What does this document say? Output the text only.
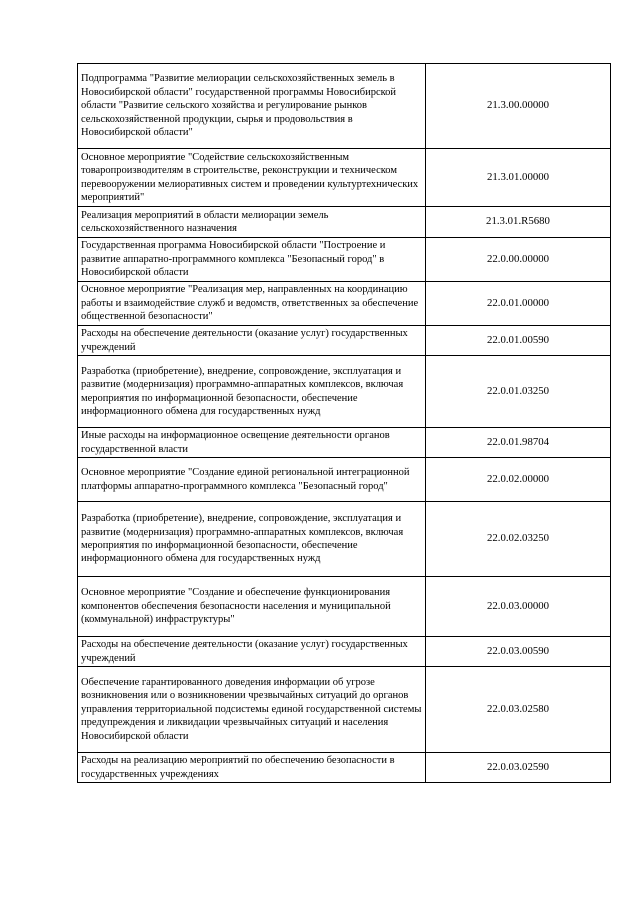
Подпрограмма "Развитие мелиорации сельскохозяйственных земель в Новосибирской области" государственной программы Новосибирской области "Развитие сельского хозяйства и регулирование рынков сельскохозяйственной продукции, сырья и продовольствия в Новосибирской области"	21.3.00.00000
Основное мероприятие "Содействие сельскохозяйственным товаропроизводителям в строительстве, реконструкции и техническом перевооружении мелиоративных систем и проведении культуртехнических мероприятий"	21.3.01.00000
Реализация мероприятий в области мелиорации земель сельскохозяйственного назначения	21.3.01.R5680
Государственная программа Новосибирской области "Построение и развитие аппаратно-программного комплекса "Безопасный город" в Новосибирской области	22.0.00.00000
Основное мероприятие "Реализация мер, направленных на координацию работы и взаимодействие служб и ведомств, ответственных за обеспечение общественной безопасности"	22.0.01.00000
Расходы на обеспечение деятельности (оказание услуг) государственных учреждений	22.0.01.00590
Разработка (приобретение), внедрение, сопровождение, эксплуатация и развитие (модернизация) программно-аппаратных комплексов, включая мероприятия по информационной безопасности, обеспечение информационного обмена для государственных нужд	22.0.01.03250
Иные расходы на информационное освещение деятельности органов государственной власти	22.0.01.98704
Основное мероприятие "Создание единой региональной интеграционной платформы аппаратно-программного комплекса "Безопасный город"	22.0.02.00000
Разработка (приобретение), внедрение, сопровождение, эксплуатация и развитие (модернизация) программно-аппаратных комплексов, включая мероприятия по информационной безопасности, обеспечение информационного обмена для государственных нужд	22.0.02.03250
Основное мероприятие "Создание и обеспечение функционирования компонентов обеспечения безопасности населения и муниципальной (коммунальной) инфраструктуры"	22.0.03.00000
Расходы на обеспечение деятельности (оказание услуг) государственных учреждений	22.0.03.00590
Обеспечение гарантированного доведения информации об угрозе возникновения или о возникновении чрезвычайных ситуаций до органов управления территориальной подсистемы единой государственной системы предупреждения и ликвидации чрезвычайных ситуаций и населения Новосибирской области	22.0.03.02580
Расходы на реализацию мероприятий по обеспечению безопасности в государственных учреждениях	22.0.03.02590
